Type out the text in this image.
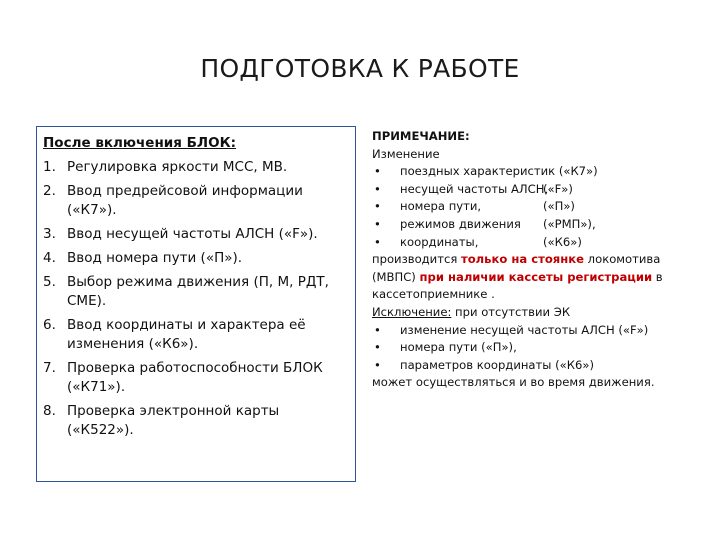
ПОДГОТОВКА К РАБОТЕ
После включения БЛОК:
1. Регулировка яркости МСС, МВ.
2. Ввод предрейсовой информации («К7»).
3. Ввод несущей частоты АЛСН («F»).
4. Ввод номера пути («П»).
5. Выбор режима движения (П, М, РДТ, СМЕ).
6. Ввод координаты и характера её изменения («К6»).
7. Проверка работоспособности БЛОК («К71»).
8. Проверка электронной карты («К522»).
ПРИМЕЧАНИЕ:
Изменение
• поездных характеристик («К7»)
• несущей частоты АЛСН,
(«F»)
• номера пути,	(«П»)
• режимов движения («РМП»),
• координаты,	(«К6»)
производится только на стоянке локомотива (МВПС) при наличии кассеты регистрации в кассетоприемнике .
Исключение: при отсутствии ЭК
• изменение несущей частоты АЛСН («F»)
• номера пути («П»),
• параметров координаты («К6»)
может осуществляться и во время движения.
